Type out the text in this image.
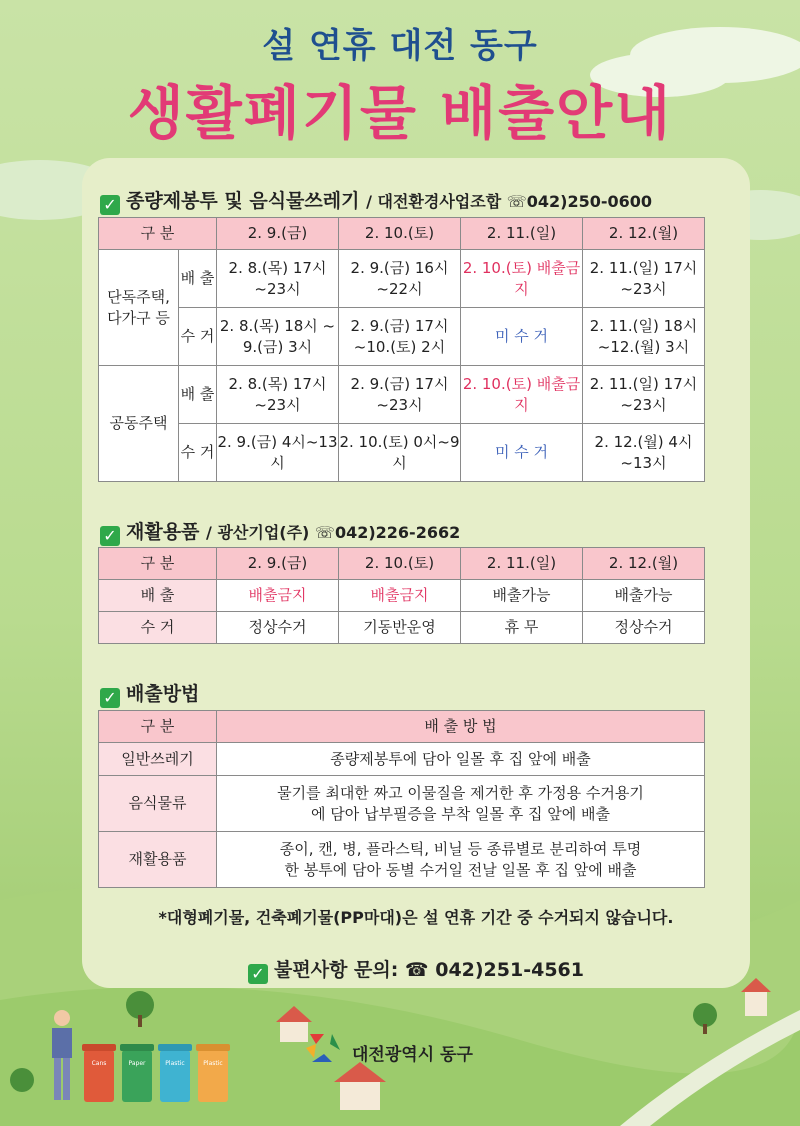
설 연휴 대전 동구
생활폐기물 배출안내
✓ 종량제봉투 및 음식물쓰레기 / 대전환경사업조합 ☏042)250-0600
구 분		2. 9.(금)	2. 10.(토)	2. 11.(일)	2. 12.(월)
단독주택, 다가구 등	배 출	2. 8.(목) 17시~23시	2. 9.(금) 16시~22시	2. 10.(토) 배출금지	2. 11.(일) 17시~23시
	수 거	2. 8.(목) 18시 ~ 9.(금) 3시	2. 9.(금) 17시 ~10.(토) 2시	미 수 거	2. 11.(일) 18시 ~12.(월) 3시
공동주택	배 출	2. 8.(목) 17시~23시	2. 9.(금) 17시~23시	2. 10.(토) 배출금지	2. 11.(일) 17시~23시
	수 거	2. 9.(금) 4시~13시	2. 10.(토) 0시~9시	미 수 거	2. 12.(월) 4시~13시
✓ 재활용품 / 광산기업(주) ☏042)226-2662
구 분	2. 9.(금)	2. 10.(토)	2. 11.(일)	2. 12.(월)
배 출	배출금지	배출금지	배출가능	배출가능
수 거	정상수거	기동반운영	휴 무	정상수거
✓ 배출방법
구 분	배 출 방 법
일반쓰레기	종량제봉투에 담아 일몰 후 집 앞에 배출
음식물류	물기를 최대한 짜고 이물질을 제거한 후 가정용 수거용기에 담아 납부필증을 부착 일몰 후 집 앞에 배출
재활용품	종이, 캔, 병, 플라스틱, 비닐 등 종류별로 분리하여 투명한 봉투에 담아 동별 수거일 전날 일몰 후 집 앞에 배출
*대형폐기물, 건축폐기물(PP마대)은 설 연휴 기간 중 수거되지 않습니다.
✓ 불편사항 문의: ☎ 042)251-4561
Cans	Paper	Plastic	Plastic	대전광역시 동구
